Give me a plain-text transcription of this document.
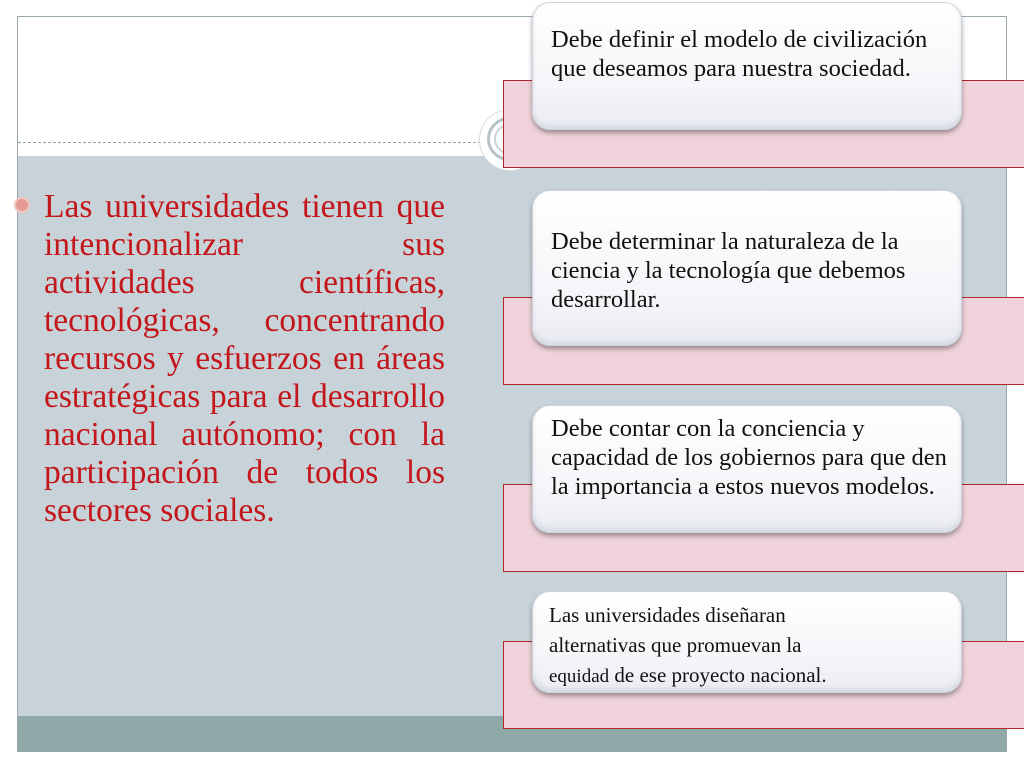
Las universidades tienen que intencionalizar sus actividades científicas, tecnológicas, concentrando recursos y esfuerzos en áreas estratégicas para el desarrollo nacional autónomo; con la participación de todos los sectores sociales.

Debe definir el modelo de civilización que deseamos para nuestra sociedad.
Debe determinar la naturaleza de la ciencia y la tecnología que debemos desarrollar.
Debe contar con la conciencia y capacidad de los gobiernos para que den la importancia a estos nuevos modelos.
Las universidades diseñaran
alternativas que promuevan la
equidad de ese proyecto nacional.
